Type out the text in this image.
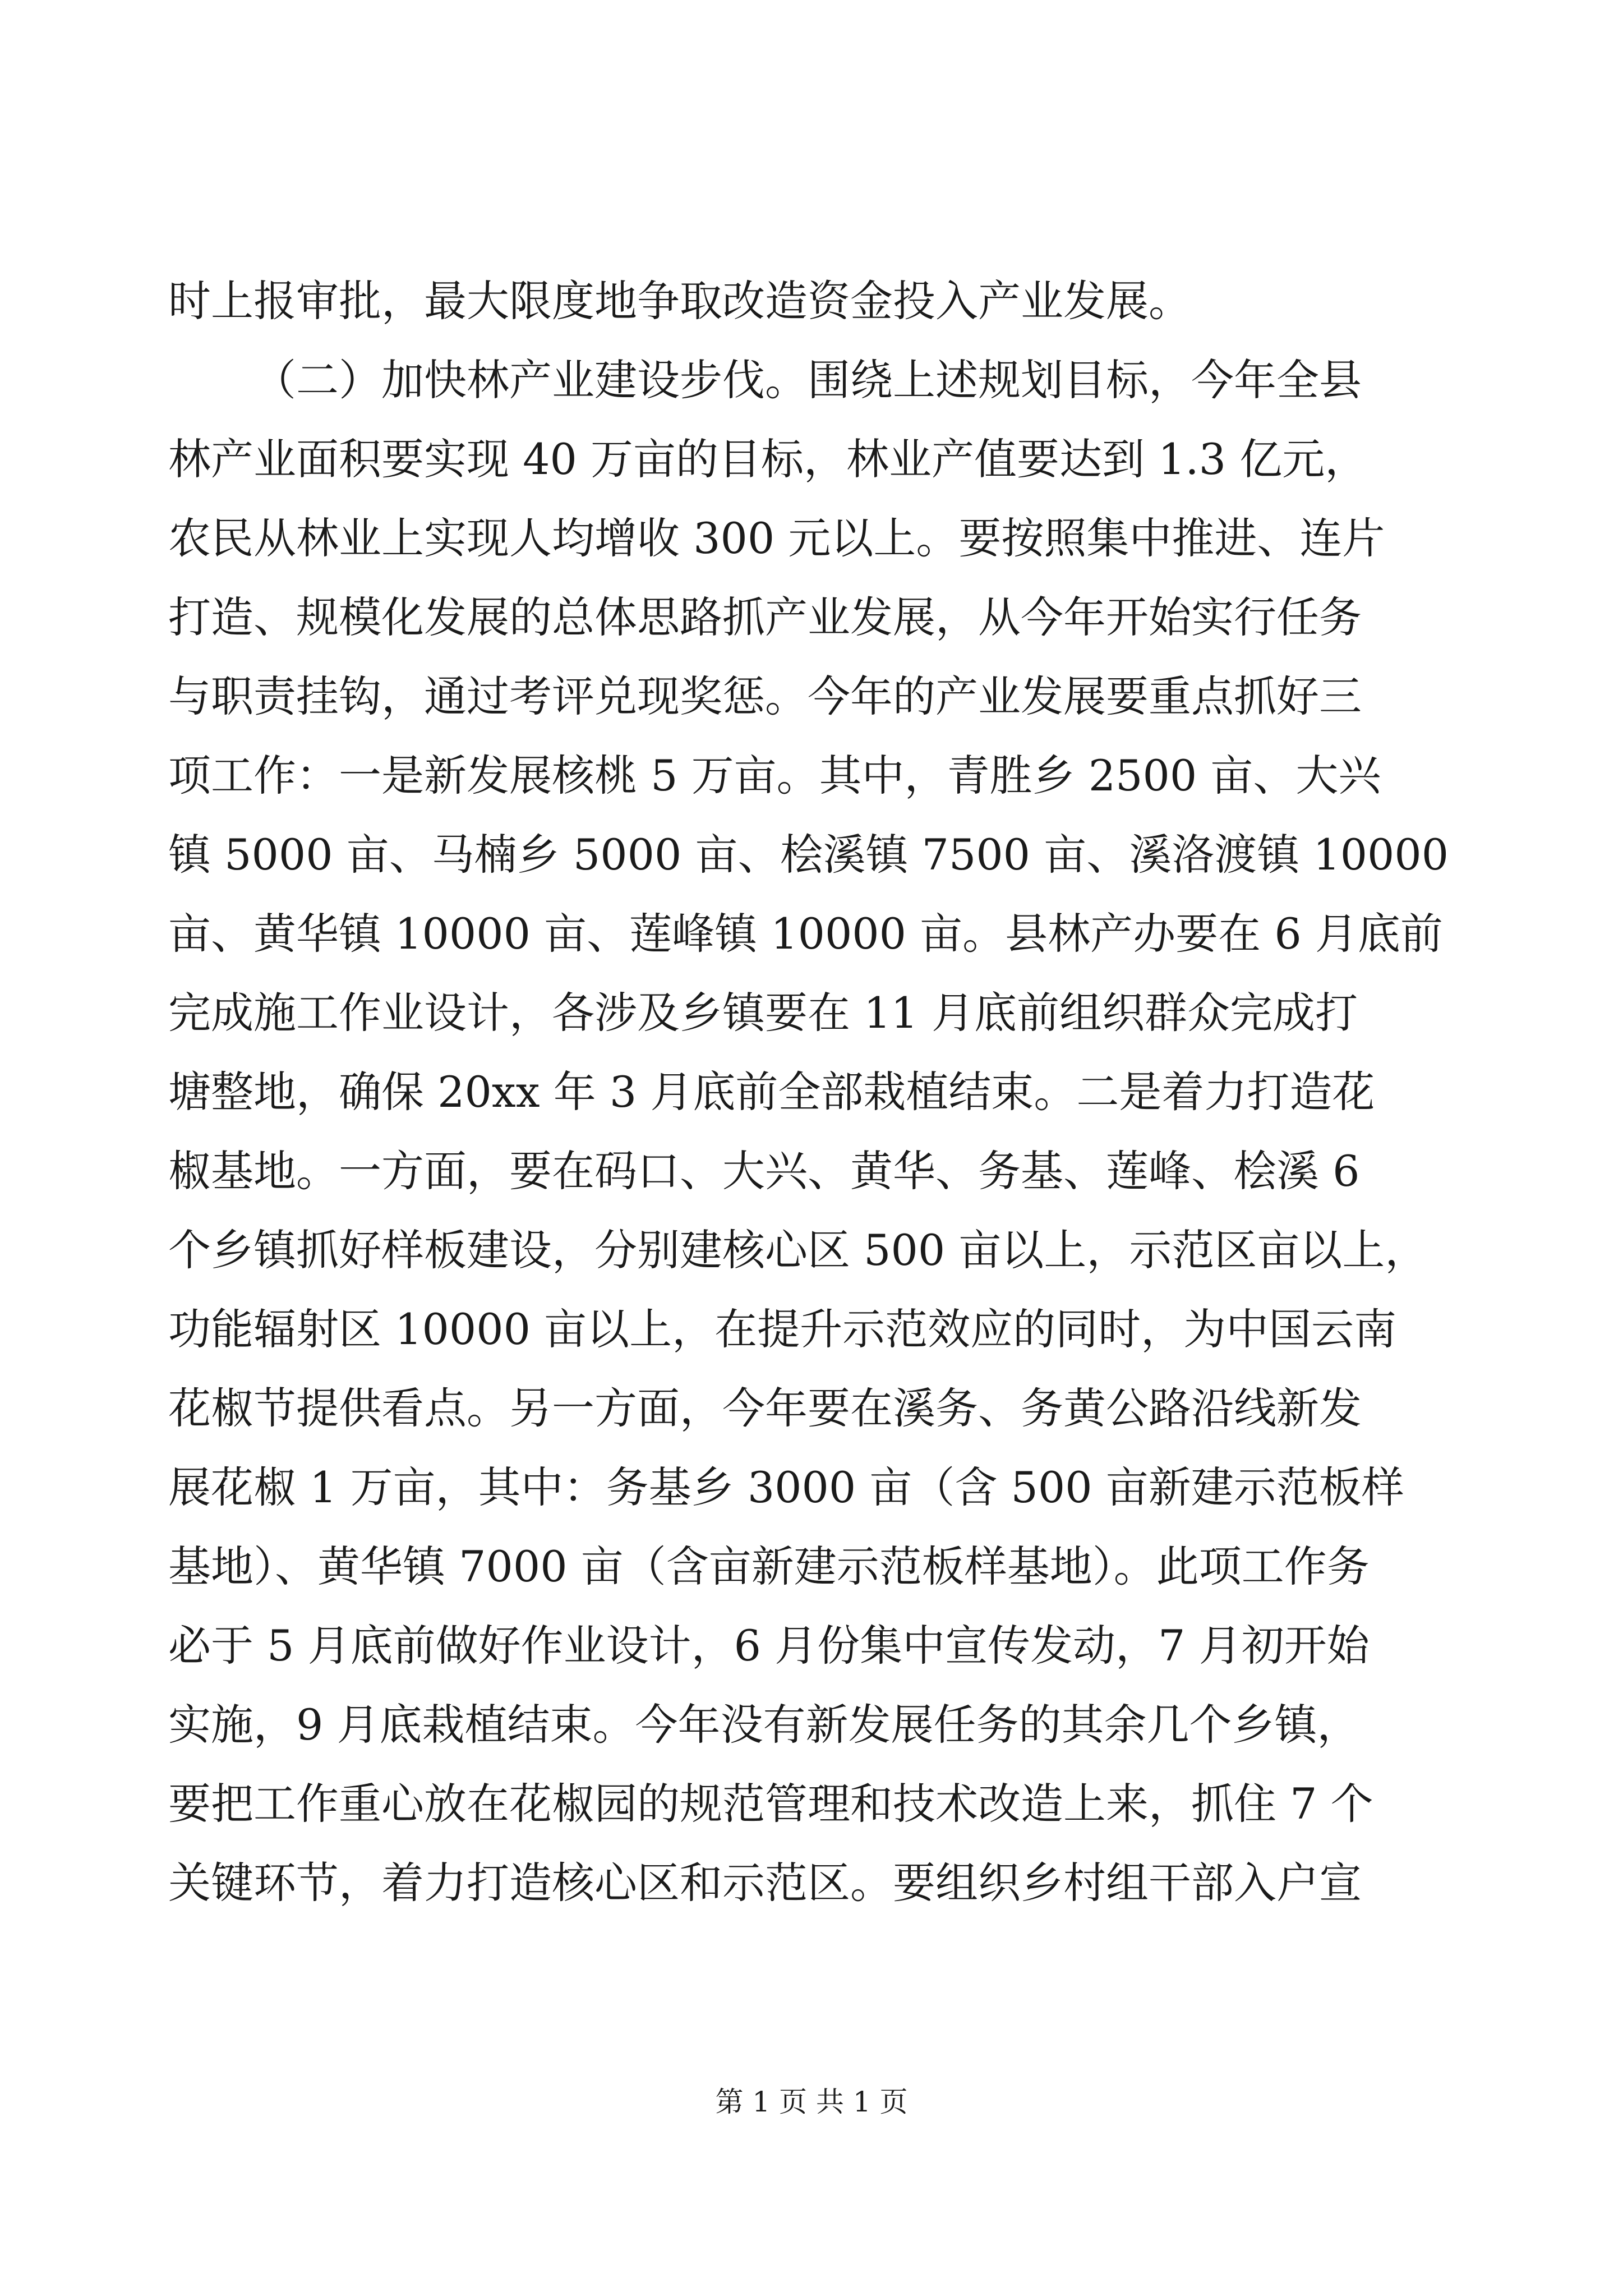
时上报审批，最大限度地争取改造资金投入产业发展。
（二）加快林产业建设步伐。围绕上述规划目标，今年全县
林产业面积要实现 40 万亩的目标，林业产值要达到 1.3 亿元，
农民从林业上实现人均增收 300 元以上。要按照集中推进、连片
打造、规模化发展的总体思路抓产业发展，从今年开始实行任务
与职责挂钩，通过考评兑现奖惩。今年的产业发展要重点抓好三
项工作：一是新发展核桃 5 万亩。其中，青胜乡 2500 亩、大兴
镇 5000 亩、马楠乡 5000 亩、桧溪镇 7500 亩、溪洛渡镇 10000
亩、黄华镇 10000 亩、莲峰镇 10000 亩。县林产办要在 6 月底前
完成施工作业设计，各涉及乡镇要在 11 月底前组织群众完成打
塘整地，确保 20xx 年 3 月底前全部栽植结束。二是着力打造花
椒基地。一方面，要在码口、大兴、黄华、务基、莲峰、桧溪 6
个乡镇抓好样板建设，分别建核心区 500 亩以上，示范区亩以上，
功能辐射区 10000 亩以上，在提升示范效应的同时，为中国云南
花椒节提供看点。另一方面，今年要在溪务、务黄公路沿线新发
展花椒 1 万亩，其中：务基乡 3000 亩（含 500 亩新建示范板样
基地）、黄华镇 7000 亩（含亩新建示范板样基地）。此项工作务
必于 5 月底前做好作业设计，6 月份集中宣传发动，7 月初开始
实施，9 月底栽植结束。今年没有新发展任务的其余几个乡镇，
要把工作重心放在花椒园的规范管理和技术改造上来，抓住 7 个
关键环节，着力打造核心区和示范区。要组织乡村组干部入户宣
第 1 页 共 1 页
